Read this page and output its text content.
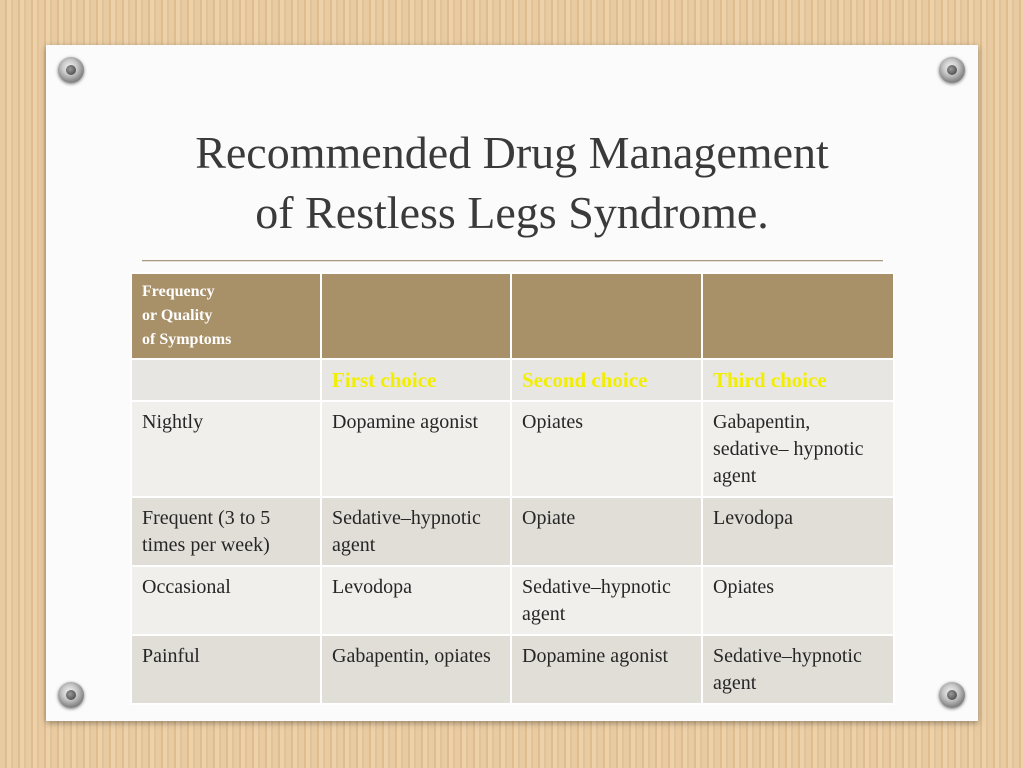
Recommended Drug Management
of Restless Legs Syndrome.
Frequency
or Quality
of Symptoms			

	First choice	Second choice	Third choice
Nightly	Dopamine agonist	Opiates	Gabapentin, sedative– hypnotic agent
Frequent (3 to 5 times per week)	Sedative–hypnotic agent	Opiate	Levodopa
Occasional	Levodopa	Sedative–hypnotic agent	Opiates
Painful	Gabapentin, opiates	Dopamine agonist	Sedative–hypnotic agent
